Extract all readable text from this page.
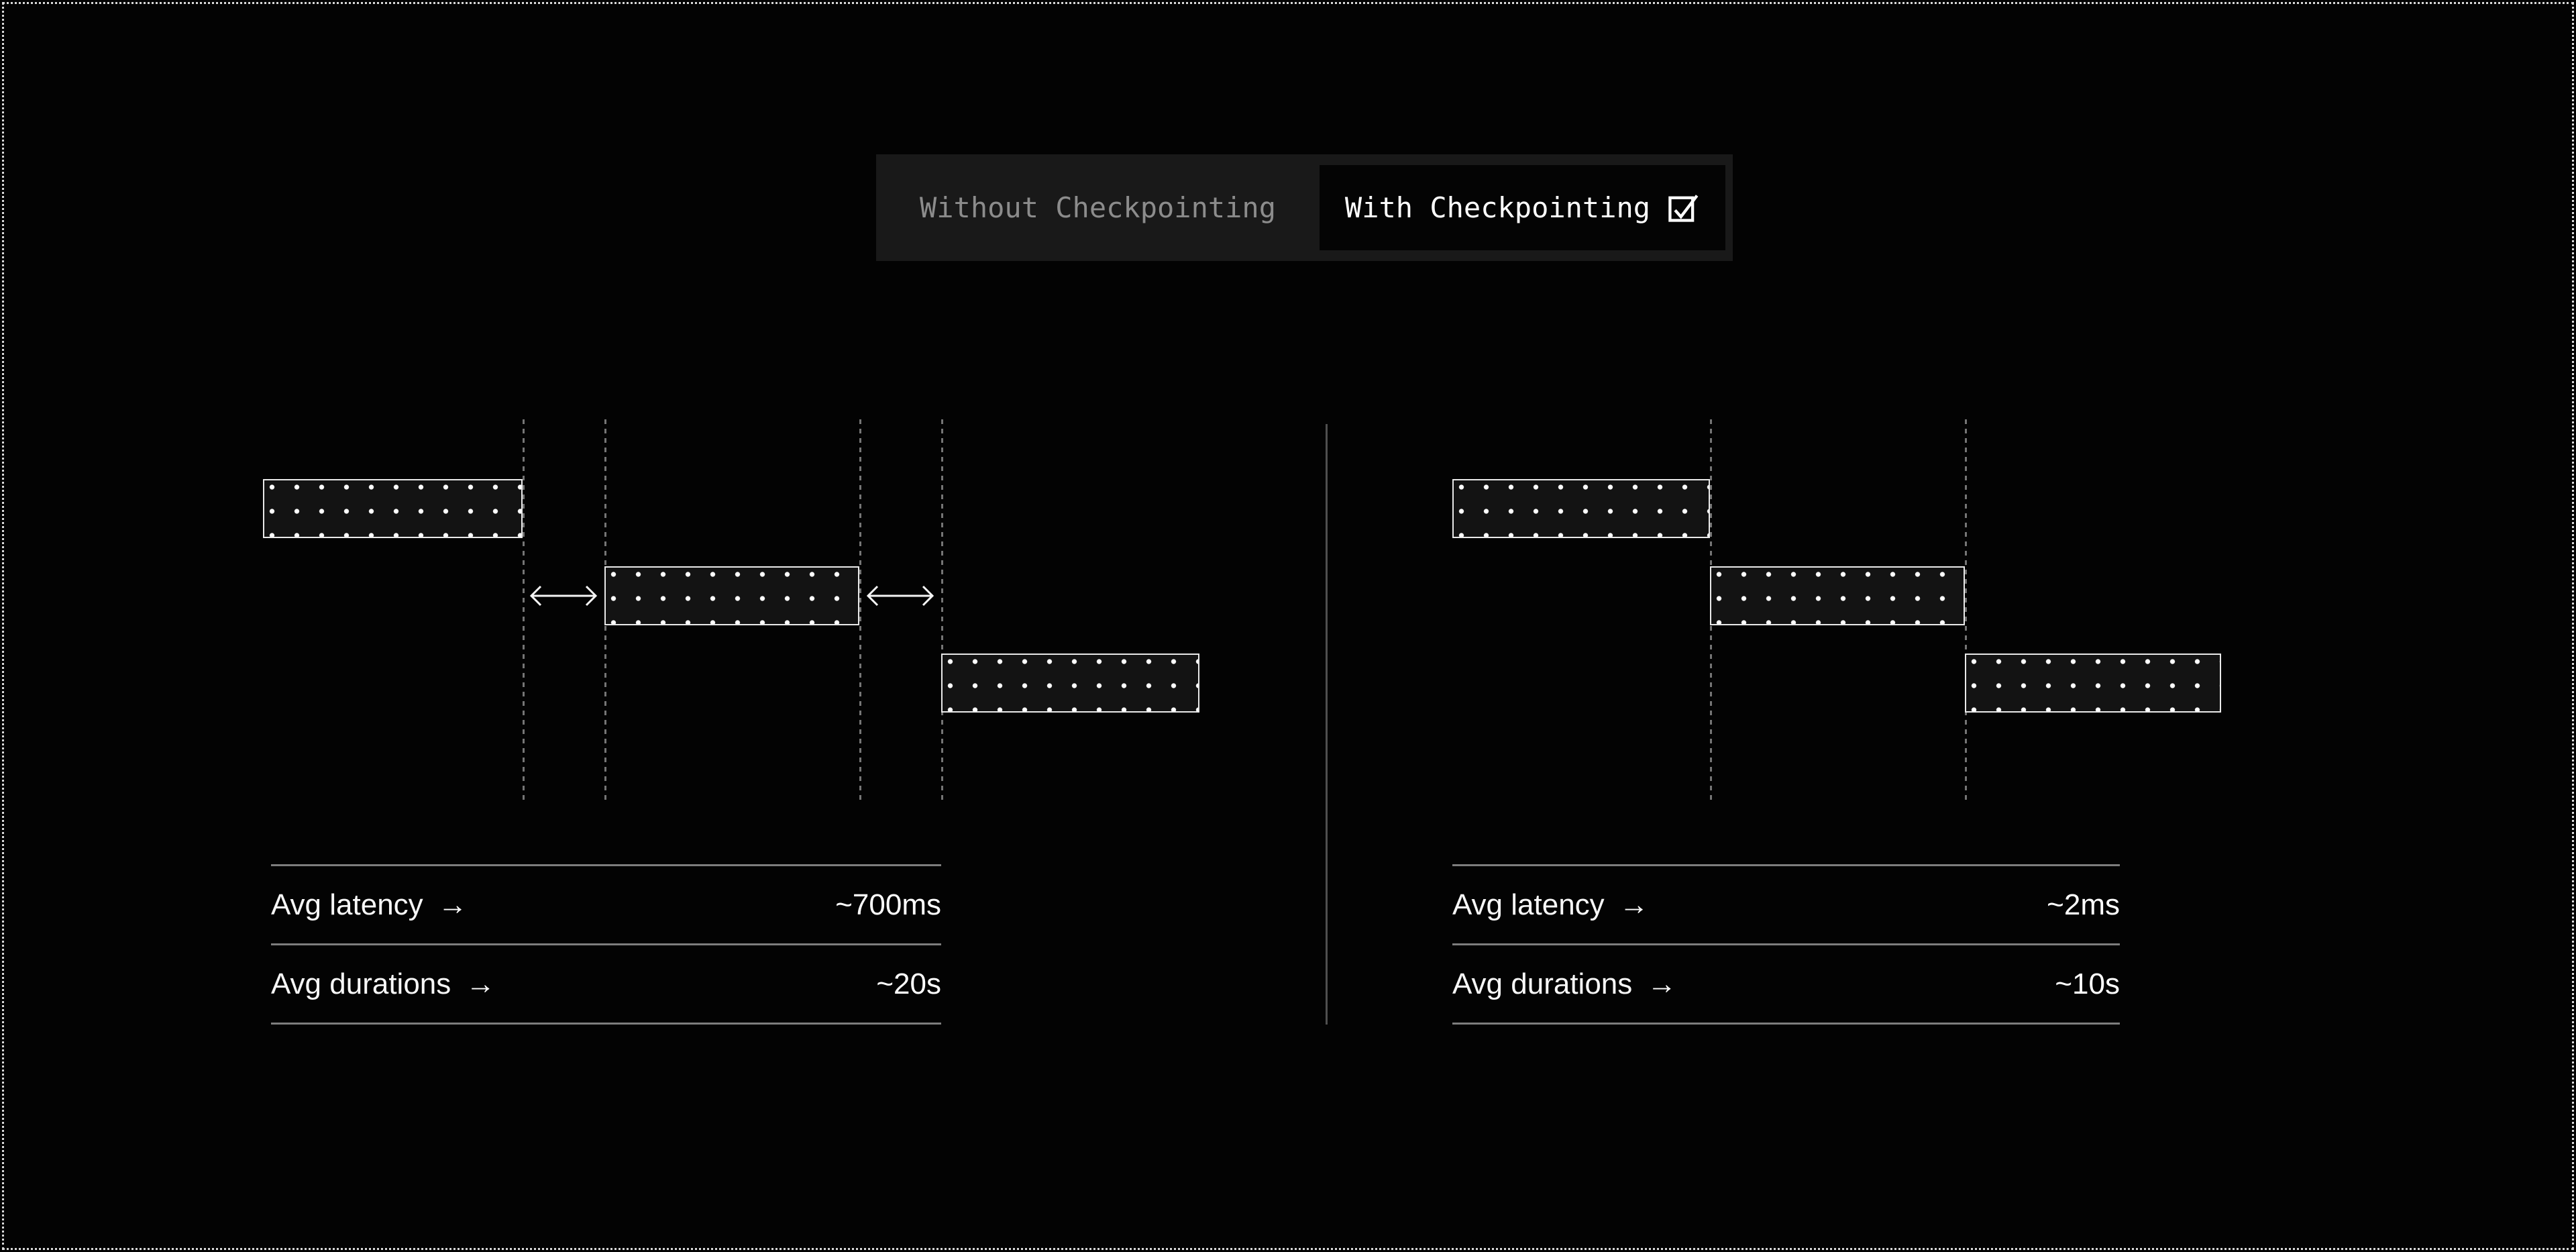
Without Checkpointing With Checkpointing
Avg latency →	~700ms
Avg durations →	~20s
Avg latency →	~2ms
Avg durations →	~10s
